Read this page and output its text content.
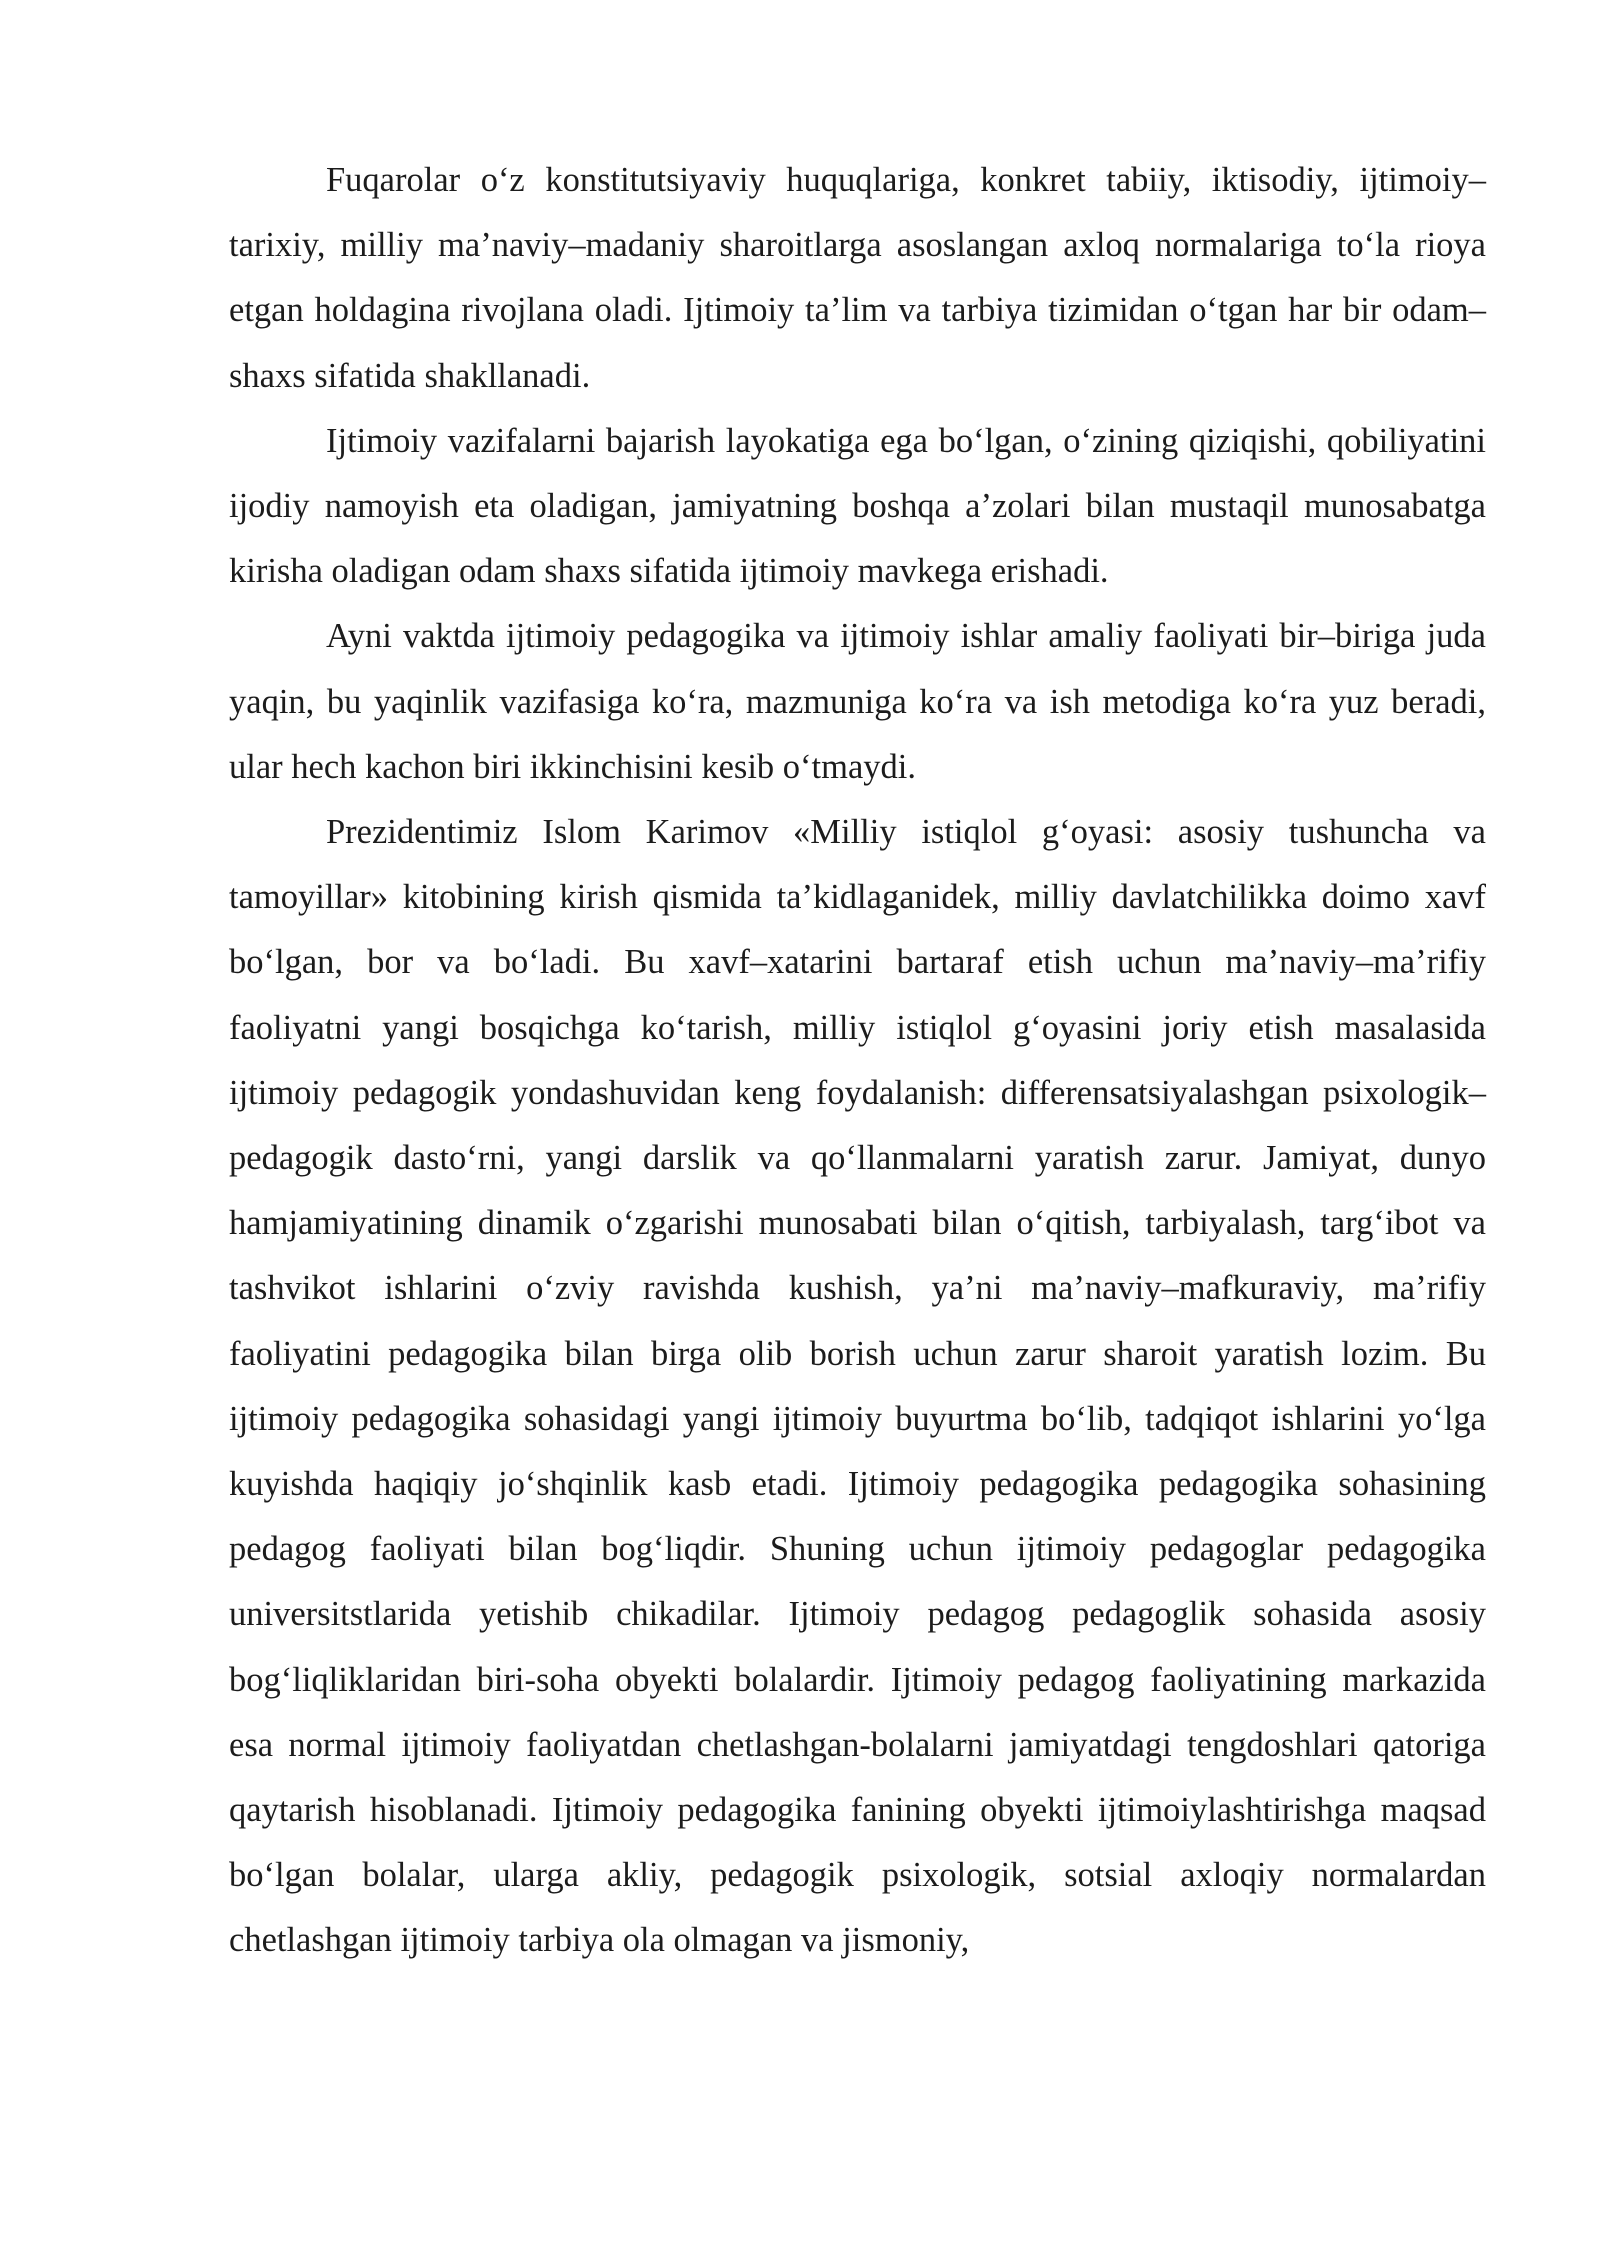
Fuqarolar o‘z konstitutsiyaviy huquqlariga, konkret tabiiy, iktisodiy, ijtimoiy–tarixiy, milliy ma’naviy–madaniy sharoitlarga asoslangan axloq normalariga to‘la rioya etgan holdagina rivojlana oladi. Ijtimoiy ta’lim va tarbiya tizimidan o‘tgan har bir odam–shaxs sifatida shakllanadi.

Ijtimoiy vazifalarni bajarish layokatiga ega bo‘lgan, o‘zining qiziqishi, qobiliyatini ijodiy namoyish eta oladigan, jamiyatning boshqa a’zolari bilan mustaqil munosabatga kirisha oladigan odam shaxs sifatida ijtimoiy mavkega erishadi.

Ayni vaktda ijtimoiy pedagogika va ijtimoiy ishlar amaliy faoliyati bir–biriga juda yaqin, bu yaqinlik vazifasiga ko‘ra, mazmuniga ko‘ra va ish metodiga ko‘ra yuz beradi, ular hech kachon biri ikkinchisini kesib o‘tmaydi.

Prezidentimiz Islom Karimov «Milliy istiqlol g‘oyasi: asosiy tushuncha va tamoyillar» kitobining kirish qismida ta’kidlaganidek, milliy davlatchilikka doimo xavf bo‘lgan, bor va bo‘ladi. Bu xavf–xatarini bartaraf etish uchun ma’naviy–ma’rifiy faoliyatni yangi bosqichga ko‘tarish, milliy istiqlol g‘oyasini joriy etish masalasida ijtimoiy pedagogik yondashuvidan keng foydalanish: differensatsiyalashgan psixologik–pedagogik dasto‘rni, yangi darslik va qo‘llanmalarni yaratish zarur. Jamiyat, dunyo hamjamiyatining dinamik o‘zgarishi munosabati bilan o‘qitish, tarbiyalash, targ‘ibot va tashvikot ishlarini o‘zviy ravishda kushish, ya’ni ma’naviy–mafkuraviy, ma’rifiy faoliyatini pedagogika bilan birga olib borish uchun zarur sharoit yaratish lozim. Bu ijtimoiy pedagogika sohasidagi yangi ijtimoiy buyurtma bo‘lib, tadqiqot ishlarini yo‘lga kuyishda haqiqiy jo‘shqinlik kasb etadi. Ijtimoiy pedagogika pedagogika sohasining pedagog faoliyati bilan bog‘liqdir. Shuning uchun ijtimoiy pedagoglar pedagogika universitstlarida yetishib chikadilar. Ijtimoiy pedagog pedagoglik sohasida asosiy bog‘liqliklaridan biri-soha obyekti bolalardir. Ijtimoiy pedagog faoliyatining markazida esa normal ijtimoiy faoliyatdan chetlashgan-bolalarni jamiyatdagi tengdoshlari qatoriga qaytarish hisoblanadi. Ijtimoiy pedagogika fanining obyekti ijtimoiylashtirishga maqsad bo‘lgan bolalar, ularga akliy, pedagogik psixologik, sotsial axloqiy normalardan chetlashgan ijtimoiy tarbiya ola olmagan va jismoniy,
